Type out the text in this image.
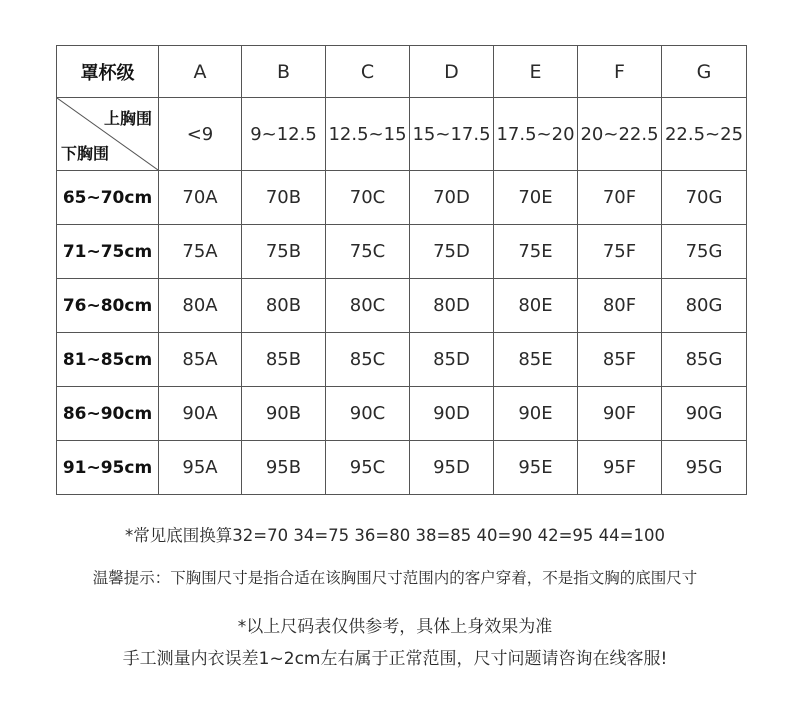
罩杯级	A	B	C	D	E	F	G

上胸围
下胸围	<9	9~12.5	12.5~15	15~17.5	17.5~20	20~22.5	22.5~25
65~70cm	70A	70B	70C	70D	70E	70F	70G
71~75cm	75A	75B	75C	75D	75E	75F	75G
76~80cm	80A	80B	80C	80D	80E	80F	80G
81~85cm	85A	85B	85C	85D	85E	85F	85G
86~90cm	90A	90B	90C	90D	90E	90F	90G
91~95cm	95A	95B	95C	95D	95E	95F	95G
*常见底围换算32=70 34=75 36=80 38=85 40=90 42=95 44=100
温馨提示：下胸围尺寸是指合适在该胸围尺寸范围内的客户穿着，不是指文胸的底围尺寸
*以上尺码表仅供参考，具体上身效果为准
手工测量内衣误差1~2cm左右属于正常范围，尺寸问题请咨询在线客服!
